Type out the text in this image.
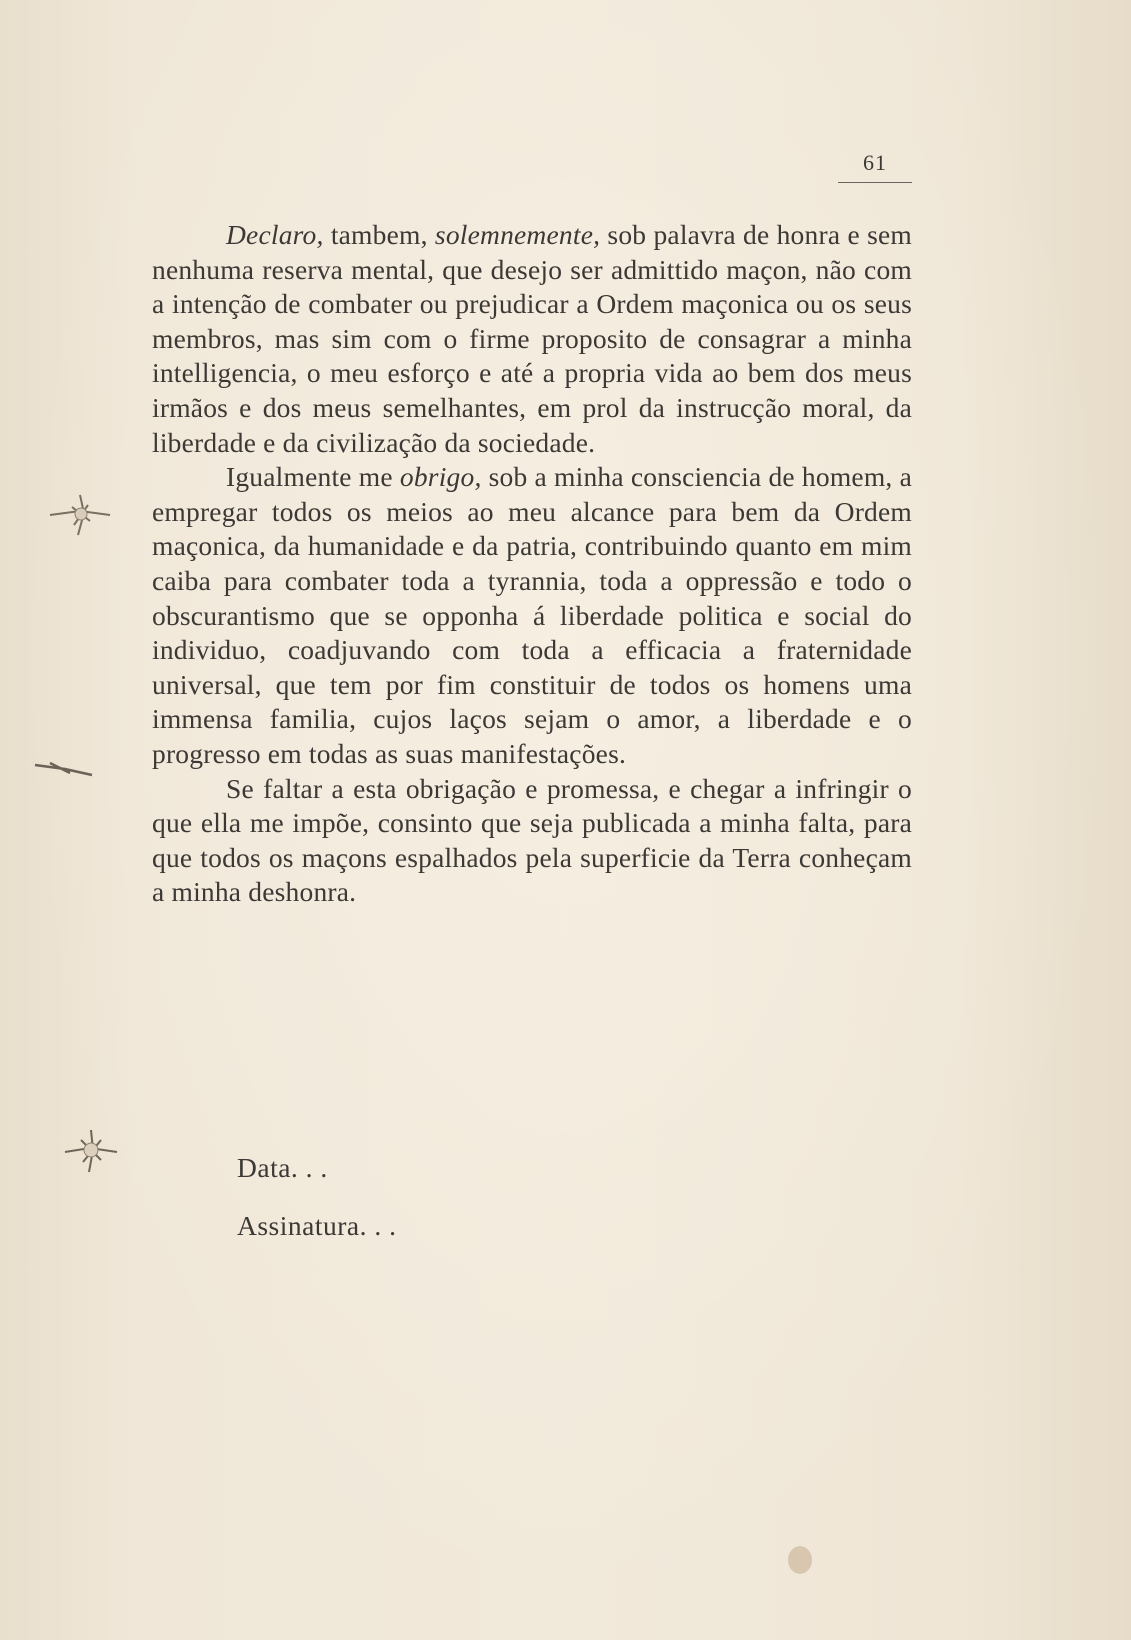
61

Declaro, tambem, solemnemente, sob palavra de honra e sem nenhuma reserva mental, que desejo ser admittido maçon, não com a intenção de combater ou prejudicar a Ordem maçonica ou os seus membros, mas sim com o firme proposito de consagrar a minha intelligencia, o meu esforço e até a propria vida ao bem dos meus irmãos e dos meus semelhantes, em prol da instrucção moral, da liberdade e da civilização da sociedade.

Igualmente me obrigo, sob a minha consciencia de homem, a empregar todos os meios ao meu alcance para bem da Ordem maçonica, da humanidade e da patria, contribuindo quanto em mim caiba para combater toda a tyrannia, toda a oppressão e todo o obscurantismo que se opponha á liberdade politica e social do individuo, coadjuvando com toda a efficacia a fraternidade universal, que tem por fim constituir de todos os homens uma immensa familia, cujos laços sejam o amor, a liberdade e o progresso em todas as suas manifestações.

Se faltar a esta obrigação e promessa, e chegar a infringir o que ella me impõe, consinto que seja publicada a minha falta, para que todos os maçons espalhados pela superficie da Terra conheçam a minha deshonra.

Data. . .
Assinatura. . .
